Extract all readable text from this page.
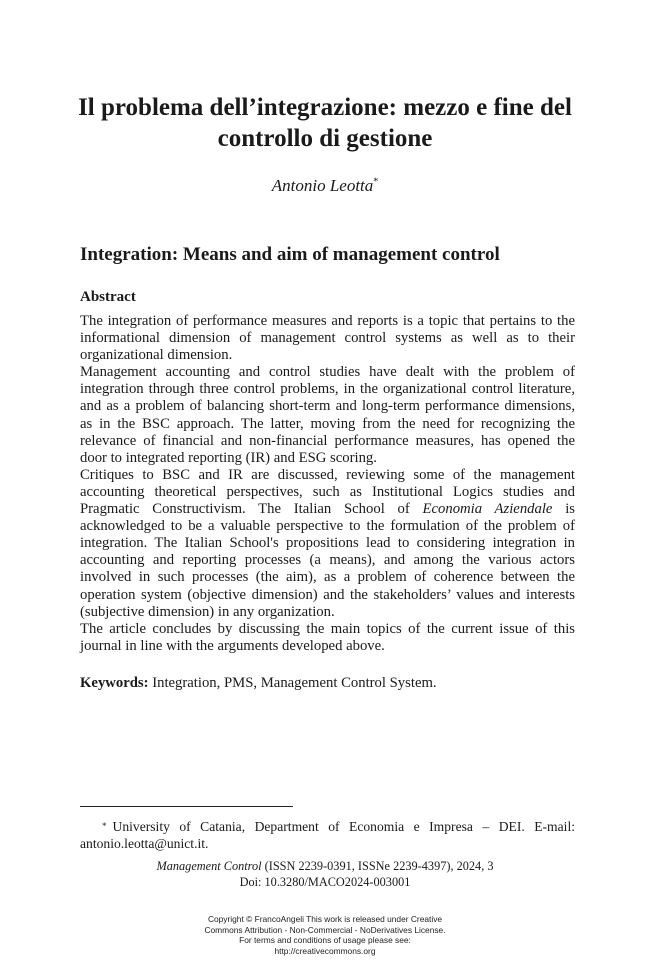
Il problema dell’integrazione: mezzo e fine del
controllo di gestione
Antonio Leotta*
Integration: Means and aim of management control
Abstract

The integration of performance measures and reports is a topic that pertains to the informational dimension of management control systems as well as to their organizational dimension.

Management accounting and control studies have dealt with the problem of integration through three control problems, in the organizational control literature, and as a problem of balancing short-term and long-term performance dimensions, as in the BSC approach. The latter, moving from the need for recognizing the relevance of financial and non-financial performance measures, has opened the door to integrated reporting (IR) and ESG scoring.

Critiques to BSC and IR are discussed, reviewing some of the management accounting theoretical perspectives, such as Institutional Logics studies and Pragmatic Constructivism. The Italian School of Economia Aziendale is acknowledged to be a valuable perspective to the formulation of the problem of integration. The Italian School's propositions lead to considering integration in accounting and reporting processes (a means), and among the various actors involved in such processes (the aim), as a problem of coherence between the operation system (objective dimension) and the stakeholders’ values and interests (subjective dimension) in any organization.

The article concludes by discussing the main topics of the current issue of this journal in line with the arguments developed above.

Keywords: Integration, PMS, Management Control System.
* University of Catania, Department of Economia e Impresa – DEI. E-mail: antonio.leotta@unict.it.
Management Control (ISSN 2239-0391, ISSNe 2239-4397), 2024, 3
Doi: 10.3280/MACO2024-003001
Copyright © FrancoAngeli This work is released under Creative
Commons Attribution - Non-Commercial - NoDerivatives License.
For terms and conditions of usage please see:
http://creativecommons.org
